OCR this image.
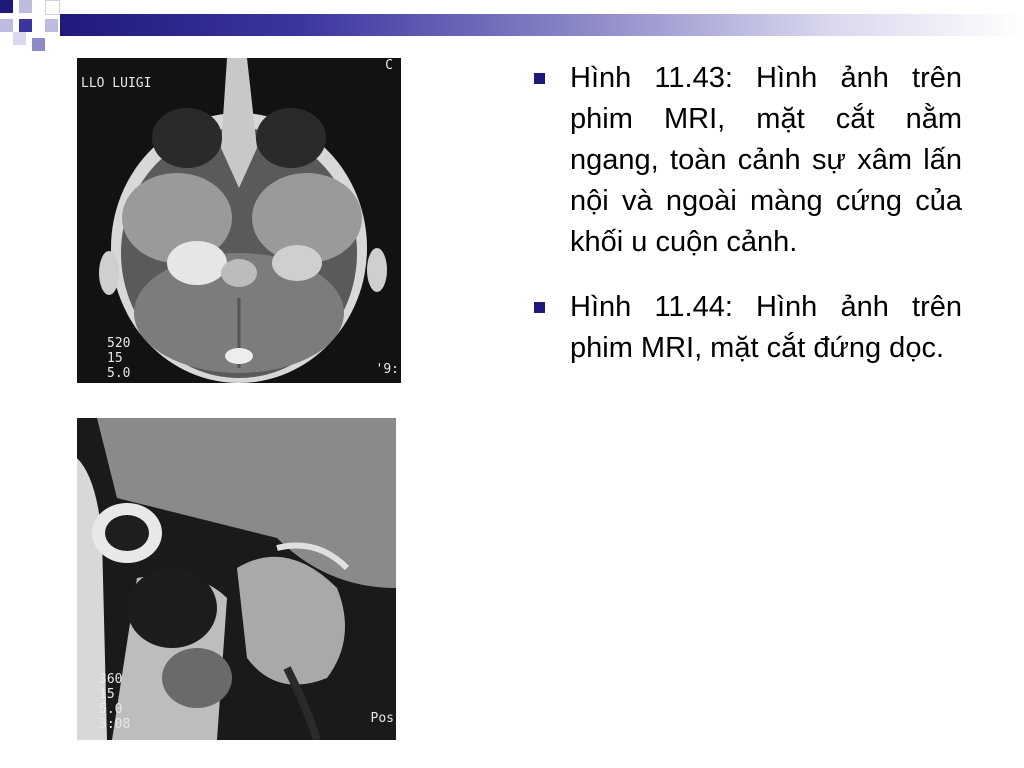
LLO LUIGI
C
520
15
5.0	'9:
360
15
5.0
3:08	Pos
Hình 11.43: Hình ảnh trên phim MRI, mặt cắt nằm ngang, toàn cảnh sự xâm lấn nội và ngoài màng cứng của khối u cuộn cảnh.
Hình 11.44: Hình ảnh trên phim MRI, mặt cắt đứng dọc.
